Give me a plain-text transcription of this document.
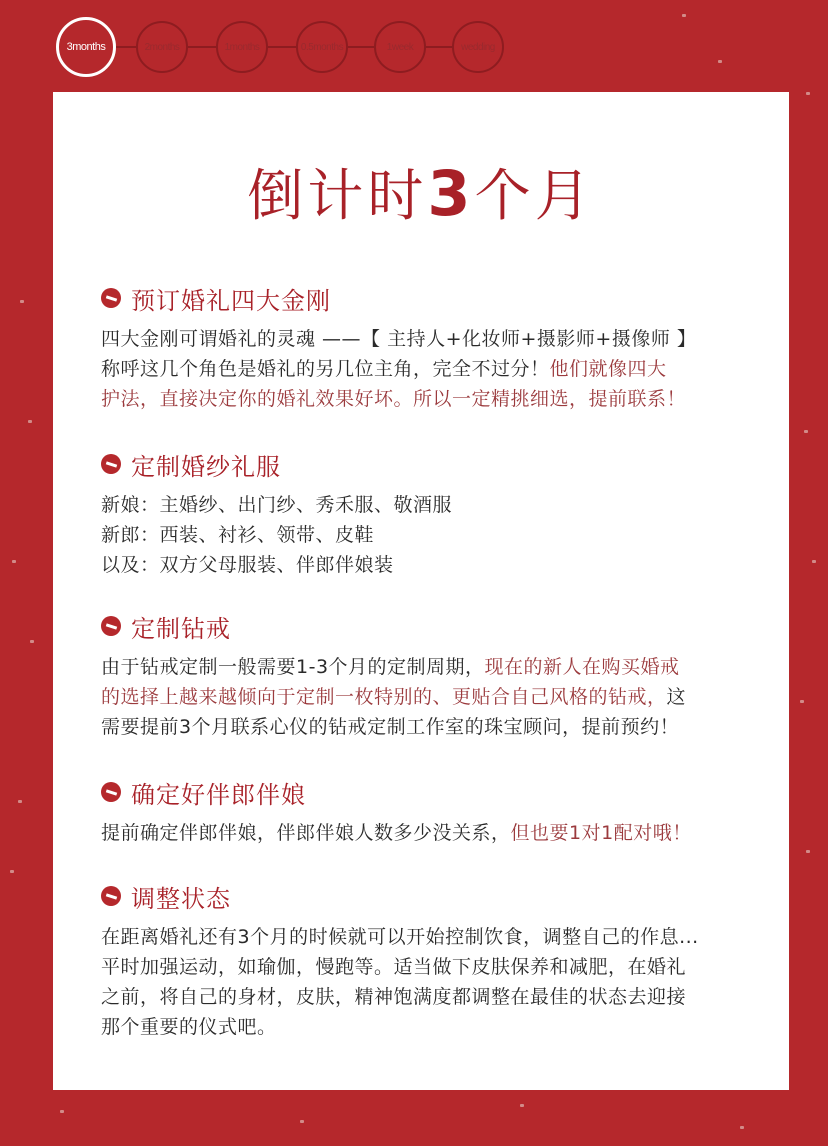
3months	2months	1months	0.5months	1week	wedding
倒计时3个月
预订婚礼四大金刚
四大金刚可谓婚礼的灵魂 ——【 主持人+化妆师+摄影师+摄像师 】
称呼这几个角色是婚礼的另几位主角，完全不过分！他们就像四大
护法，直接决定你的婚礼效果好坏。所以一定精挑细选，提前联系！
定制婚纱礼服
新娘：主婚纱、出门纱、秀禾服、敬酒服
新郎：西装、衬衫、领带、皮鞋
以及：双方父母服装、伴郎伴娘装
定制钻戒
由于钻戒定制一般需要1-3个月的定制周期，现在的新人在购买婚戒
的选择上越来越倾向于定制一枚特别的、更贴合自己风格的钻戒，这
需要提前3个月联系心仪的钻戒定制工作室的珠宝顾问，提前预约！
确定好伴郎伴娘
提前确定伴郎伴娘，伴郎伴娘人数多少没关系，但也要1对1配对哦！
调整状态
在距离婚礼还有3个月的时候就可以开始控制饮食，调整自己的作息...
平时加强运动，如瑜伽，慢跑等。适当做下皮肤保养和减肥，在婚礼
之前，将自己的身材，皮肤，精神饱满度都调整在最佳的状态去迎接
那个重要的仪式吧。
